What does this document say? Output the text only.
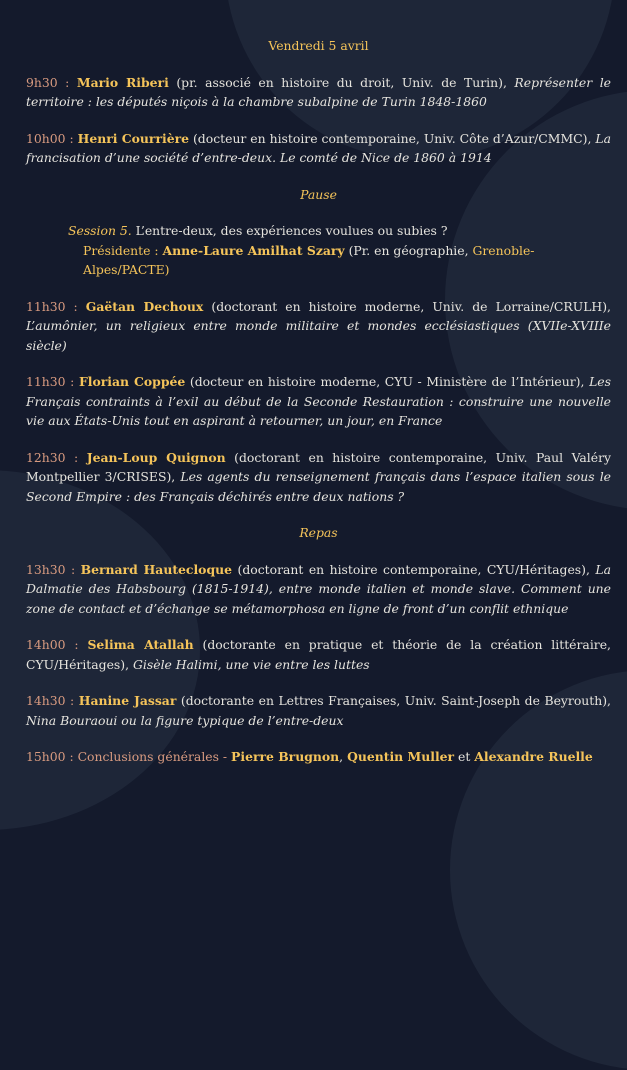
Vendredi 5 avril

9h30 : Mario Riberi (pr. associé en histoire du droit, Univ. de Turin), Représenter le territoire : les députés niçois à la chambre subalpine de Turin 1848-1860

10h00 : Henri Courrière (docteur en histoire contemporaine, Univ. Côte d’Azur/CMMC), La francisation d’une société d’entre-deux. Le comté de Nice de 1860 à 1914

Pause

Session 5. L’entre-deux, des expériences voulues ou subies ?
Présidente : Anne-Laure Amilhat Szary (Pr. en géographie, Grenoble-Alpes/PACTE)

11h30 : Gaëtan Dechoux (doctorant en histoire moderne, Univ. de Lorraine/CRULH), L’aumônier, un religieux entre monde militaire et mondes ecclésiastiques (XVIIe-XVIIIe siècle)

11h30 : Florian Coppée (docteur en histoire moderne, CYU - Ministère de l’Intérieur), Les Français contraints à l’exil au début de la Seconde Restauration : construire une nouvelle vie aux États-Unis tout en aspirant à retourner, un jour, en France

12h30 : Jean-Loup Quignon (doctorant en histoire contemporaine, Univ. Paul Valéry Montpellier 3/CRISES), Les agents du renseignement français dans l’espace italien sous le Second Empire : des Français déchirés entre deux nations ?

Repas

13h30 : Bernard Hautecloque (doctorant en histoire contemporaine, CYU/Héritages), La Dalmatie des Habsbourg (1815-1914), entre monde italien et monde slave. Comment une zone de contact et d’échange se métamorphosa en ligne de front d’un conflit ethnique

14h00 : Selima Atallah (doctorante en pratique et théorie de la création littéraire, CYU/Héritages), Gisèle Halimi, une vie entre les luttes

14h30 : Hanine Jassar (doctorante en Lettres Françaises, Univ. Saint-Joseph de Beyrouth), Nina Bouraoui ou la figure typique de l’entre-deux

15h00 : Conclusions générales - Pierre Brugnon, Quentin Muller et Alexandre Ruelle
